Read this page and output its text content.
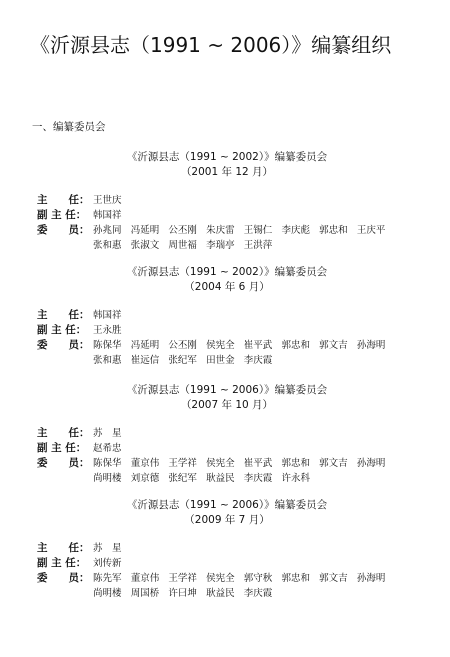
《沂源县志（1991 ~ 2006）》编纂组织
一、编纂委员会
《沂源县志（1991 ~ 2002）》编纂委员会
（2001 年 12 月）
主　　任： 王世庆
副 主 任： 韩国祥
委　　员： 孙兆同 冯延明 公丕刚 朱庆雷 王锡仁 李庆彪 郭忠和 王庆平
张和惠 张淑文 周世福 李瑞亭 王洪萍
《沂源县志（1991 ~ 2002）》编纂委员会
（2004 年 6 月）
主　　任： 韩国祥
副 主 任： 王永胜
委　　员： 陈保华 冯延明 公丕刚 侯宪全 崔平武 郭忠和 郭文吉 孙海明
张和惠 崔远信 张纪军 田世金 李庆霞
《沂源县志（1991 ~ 2006）》编纂委员会
（2007 年 10 月）
主　　任： 苏　星
副 主 任： 赵希忠
委　　员： 陈保华 董京伟 王学祥 侯宪全 崔平武 郭忠和 郭文吉 孙海明
尚明楼 刘京德 张纪军 耿益民 李庆霞 许永科
《沂源县志（1991 ~ 2006）》编纂委员会
（2009 年 7 月）
主　　任： 苏　星
副 主 任： 刘传新
委　　员： 陈先军 董京伟 王学祥 侯宪全 郭守秋 郭忠和 郭文吉 孙海明
尚明楼 周国桥 许曰坤 耿益民 李庆霞
